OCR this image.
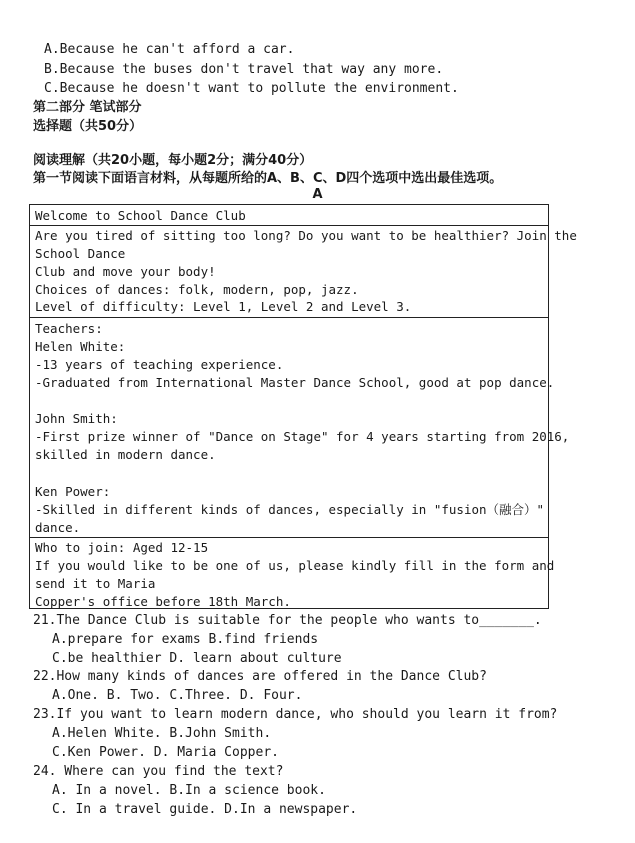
A.Because he can't afford a car.
B.Because the buses don't travel that way any more.
C.Because he doesn't want to pollute the environment.
第二部分 笔试部分
选择题（共50分）
阅读理解（共20小题，每小题2分；满分40分）
第一节阅读下面语言材料，从每题所给的A、B、C、D四个选项中选出最佳选项。
A
Welcome to School Dance Club
Are you tired of sitting too long? Do you want to be healthier? Join the
School Dance
Club and move your body!
Choices of dances: folk, modern, pop, jazz.
Level of difficulty: Level 1, Level 2 and Level 3.
Teachers:
Helen White:
-13 years of teaching experience.
-Graduated from International Master Dance School, good at pop dance.
John Smith:
-First prize winner of "Dance on Stage" for 4 years starting from 2016,
skilled in modern dance.
Ken Power:
-Skilled in different kinds of dances, especially in "fusion（融合）"
dance.
Who to join: Aged 12-15
If you would like to be one of us, please kindly fill in the form and
send it to Maria
Copper's office before 18th March.
21.The Dance Club is suitable for the people who wants to_______.
A.prepare for exams B.find friends
C.be healthier D. learn about culture
22.How many kinds of dances are offered in the Dance Club?
A.One. B. Two. C.Three. D. Four.
23.If you want to learn modern dance, who should you learn it from?
A.Helen White. B.John Smith.
C.Ken Power. D. Maria Copper.
24. Where can you find the text?
A. In a novel. B.In a science book.
C. In a travel guide. D.In a newspaper.
